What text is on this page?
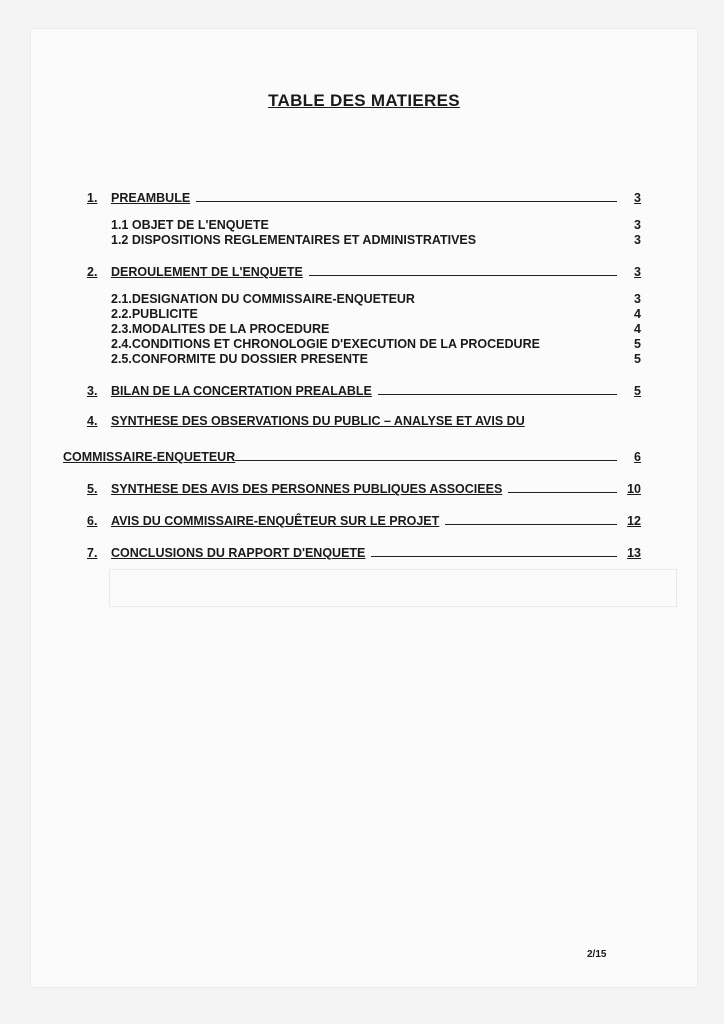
TABLE DES MATIERES
1.	PREAMBULE	3
1.1 OBJET DE L'ENQUETE	3
1.2 DISPOSITIONS REGLEMENTAIRES ET ADMINISTRATIVES	3
2.	DEROULEMENT DE L'ENQUETE	3
2.1.DESIGNATION DU COMMISSAIRE-ENQUETEUR	3
2.2.PUBLICITE	4
2.3.MODALITES DE LA PROCEDURE	4
2.4.CONDITIONS ET CHRONOLOGIE D'EXECUTION DE LA PROCEDURE	5
2.5.CONFORMITE DU DOSSIER PRESENTE	5
3.	BILAN DE LA CONCERTATION PREALABLE	5
4.	SYNTHESE DES OBSERVATIONS DU PUBLIC – ANALYSE ET AVIS DU
COMMISSAIRE-ENQUETEUR	6
5.	SYNTHESE DES AVIS DES PERSONNES PUBLIQUES ASSOCIEES	10
6.	AVIS DU COMMISSAIRE-ENQUÊTEUR SUR LE PROJET	12
7.	CONCLUSIONS DU RAPPORT D'ENQUETE	13
2/15
